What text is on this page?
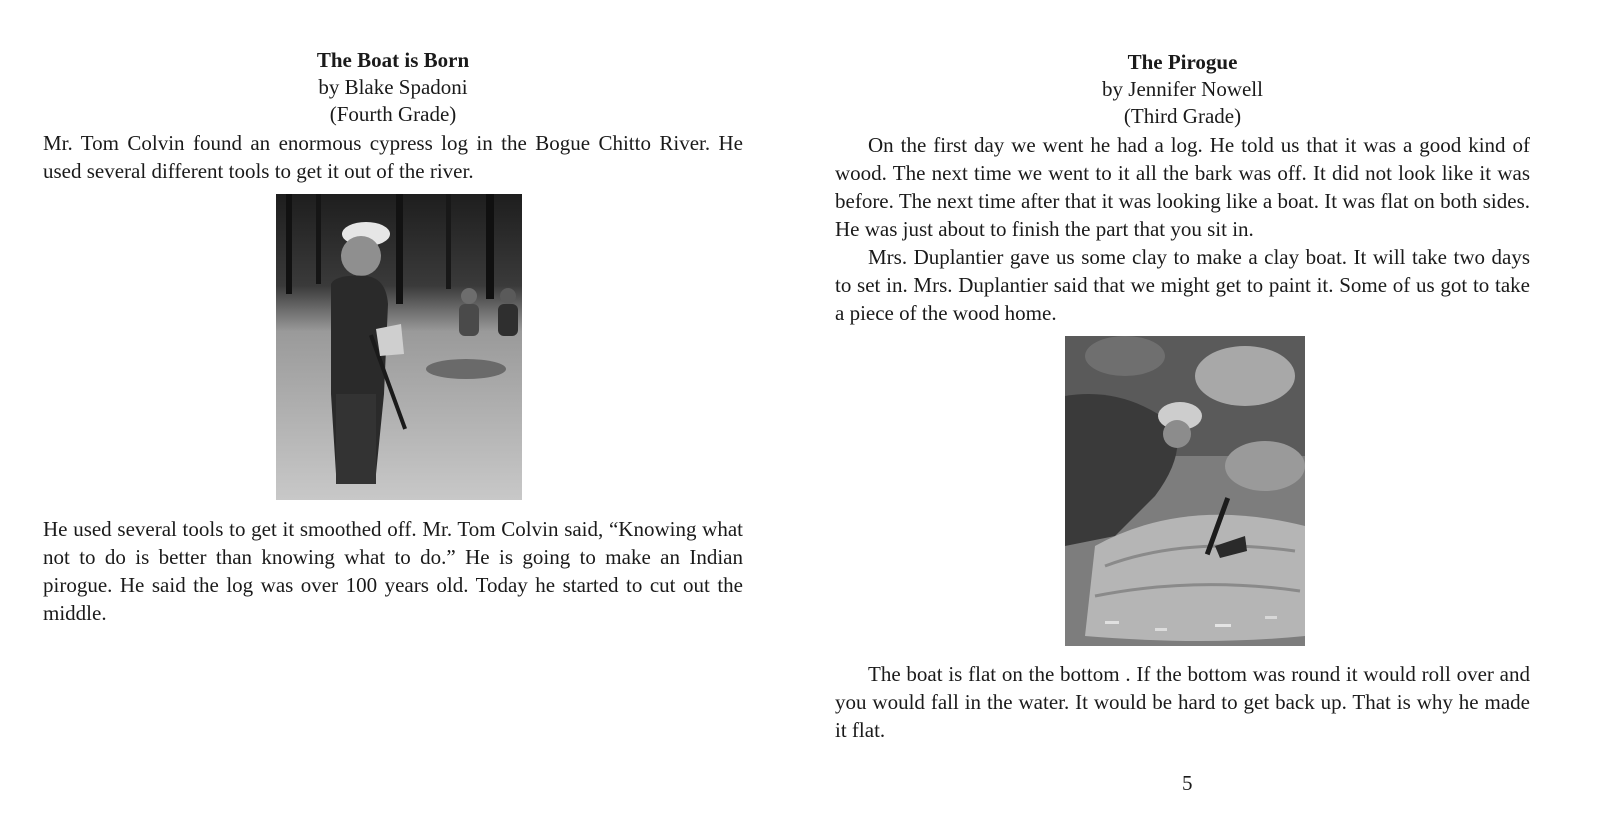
The Boat is Born
by Blake Spadoni
(Fourth Grade)

Mr. Tom Colvin found an enormous cypress log in the Bogue Chitto River. He used several different tools to get it out of the river.

He used several tools to get it smoothed off. Mr. Tom Colvin said, “Knowing what not to do is better than knowing what to do.” He is going to make an Indian pirogue. He said the log was over 100 years old. Today he started to cut out the middle.

The Pirogue
by Jennifer Nowell
(Third Grade)

On the first day we went he had a log. He told us that it was a good kind of wood. The next time we went to it all the bark was off. It did not look like it was before. The next time after that it was looking like a boat. It was flat on both sides. He was just about to finish the part that you sit in.

Mrs. Duplantier gave us some clay to make a clay boat. It will take two days to set in. Mrs. Duplantier said that we might get to paint it. Some of us got to take a piece of the wood home.

The boat is flat on the bottom . If the bottom was round it would roll over and you would fall in the water. It would be hard to get back up. That is why he made it flat.

5
